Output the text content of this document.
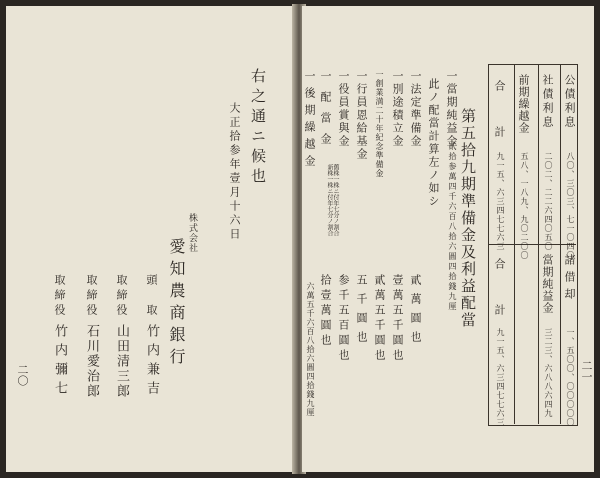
右之通ニ候也
大正拾参年壹月十六日
株式会社
愛知農商銀行
頭　取
竹内兼吉
取締役
山田清三郎
取締役
石川愛治郎
取締役
竹内彌七
二〇
公債利息
八〇、三〇三、七一〇四〇
社債利息
二〇二、二二六四〇五〇
前期繰越金
五八、一八九、九〇二〇〇
合　計
九一五、六三四七七六三
諸借却
一、五〇〇、〇〇〇〇〇
當期純益金
三二三、六八八六四九
合　計
九一五、六三四七七六三
第五拾九期準備金及利益配當
一當期純益金
貳拾参萬四千六百八拾六圓四拾錢九厘
此ノ配當計算左ノ如シ
一法定準備金
貳萬圓也
一別途積立金
壹萬五千圓也
一創業満二十年紀念準備金
貳萬五千圓也
一行員恩給基金
五千圓也
一役員賞與金
参千五百圓也
一配當金
舊株一株ニ付年七分ノ割合
新株一株ニ付年七分ノ割合
拾壹萬圓也
一後期繰越金
六萬五千六百八拾六圓四拾錢九厘	二一
